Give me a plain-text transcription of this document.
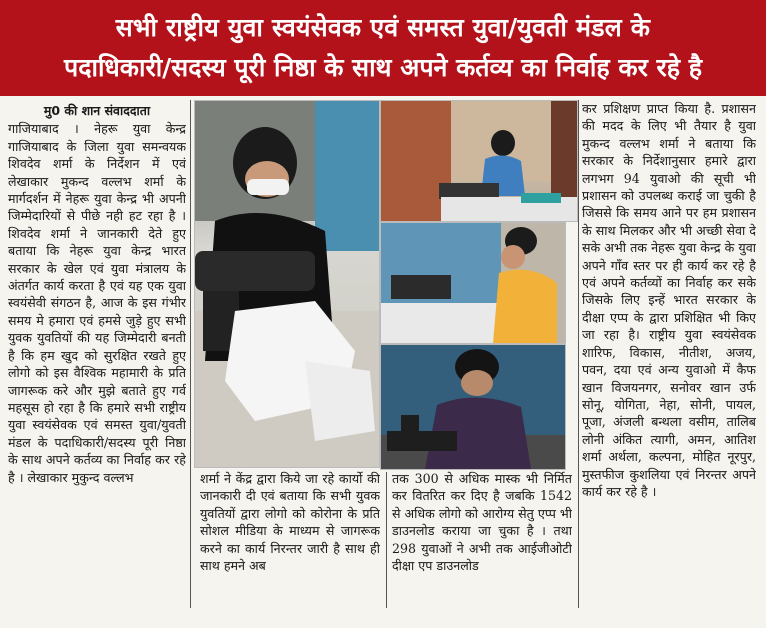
सभी राष्ट्रीय युवा स्वयंसेवक एवं समस्त युवा/युवती मंडल के
पदाधिकारी/सदस्य पूरी निष्ठा के साथ अपने कर्तव्य का निर्वाह कर रहे है
मु0 की शान संवाददाता
गाजियाबाद । नेहरू युवा केन्द्र गाजियाबाद के जिला युवा समन्वयक शिवदेव शर्मा के निर्देशन में एवं लेखाकार मुकन्द वल्लभ शर्मा के मार्गदर्शन में नेहरू युवा केन्द्र भी अपनी जिम्मेदारियों से पीछे नही हट रहा है । शिवदेव शर्मा ने जानकारी देते हुए बताया कि नेहरू युवा केन्द्र भारत सरकार के खेल एवं युवा मंत्रालय के अंतर्गत कार्य करता है एवं यह एक युवा स्वयंसेवी संगठन है, आज के इस गंभीर समय मे हमारा एवं हमसे जुड़े हुए सभी युवक युवतियों की यह जिम्मेदारी बनती है कि हम खुद को सुरक्षित रखते हुए लोगो को इस वैश्विक महामारी के प्रति जागरूक करे और मुझे बताते हुए गर्व महसूस हो रहा है कि हमारे सभी राष्ट्रीय युवा स्वयंसेवक एवं समस्त युवा/युवती मंडल के पदाधिकारी/सदस्य पूरी निष्ठा के साथ अपने कर्तव्य का निर्वाह कर रहे है । लेखाकार मुकुन्द वल्लभ	शर्मा ने केंद्र द्वारा किये जा रहे कार्यो की जानकारी दी एवं बताया कि सभी युवक युवतियों द्वारा लोगो को कोरोना के प्रति सोशल मीडिया के माध्यम से जागरूक करने का कार्य निरन्तर जारी है साथ ही साथ हमने अब
तक 300 से अधिक मास्क भी निर्मित कर वितरित कर दिए है जबकि 1542 से अधिक लोगो को आरोग्य सेतु एप्प भी डाउनलोड कराया जा चुका है । तथा 298 युवाओं ने अभी तक आईजीओटी दीक्षा एप डाउनलोड
कर प्रशिक्षण प्राप्त किया है. प्रशासन की मदद के लिए भी तैयार है युवा मुकन्द वल्लभ शर्मा ने बताया कि सरकार के निर्देशानुसार हमारे द्वारा लगभग 94 युवाओ की सूची भी प्रशासन को उपलब्ध कराई जा चुकी है जिससे कि समय आने पर हम प्रशासन के साथ मिलकर और भी अच्छी सेवा दे सके अभी तक नेहरू युवा केन्द्र के युवा अपने गाँव स्तर पर ही कार्य कर रहे है एवं अपने कर्तव्यों का निर्वाह कर सके जिसके लिए इन्हें भारत सरकार के दीक्षा एप्प के द्वारा प्रशिक्षित भी किए जा रहा है। राष्ट्रीय युवा स्वयंसेवक शारिफ, विकास, नीतीश, अजय, पवन, दया एवं अन्य युवाओ में कैफ खान विजयनगर, सनोवर खान उर्फ सोनू, योगिता, नेहा, सोनी, पायल, पूजा, अंजली बन्थला वसीम, तालिब लोनी अंकित त्यागी, अमन, आतिश शर्मा अर्थला, कल्पना, मोहित नूरपुर, मुस्तफीज कुशलिया एवं निरन्तर अपने कार्य कर रहे है ।
